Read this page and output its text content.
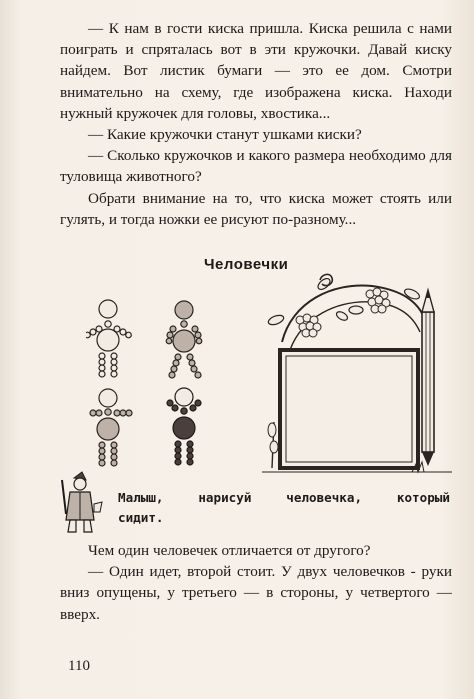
— К нам в гости киска пришла. Киска решила с нами поиграть и спряталась вот в эти кружочки. Давай киску найдем. Вот листик бумаги — это ее дом. Смотри внимательно на схему, где изображена киска. Находи нужный кружочек для головы, хвостика...

— Какие кружочки станут ушками киски?

— Сколько кружочков и какого размера необходимо для туловища животного?

Обрати внимание на то, что киска может стоять или гулять, и тогда ножки ее рисуют по-разному...

Человечки
Малыш,	нарисуй	человечка,	который
сидит.

Чем один человечек отличается от другого?

— Один идет, второй стоит. У двух человечков - руки вниз опущены, у третьего — в стороны, у четвертого — вверх.

110
